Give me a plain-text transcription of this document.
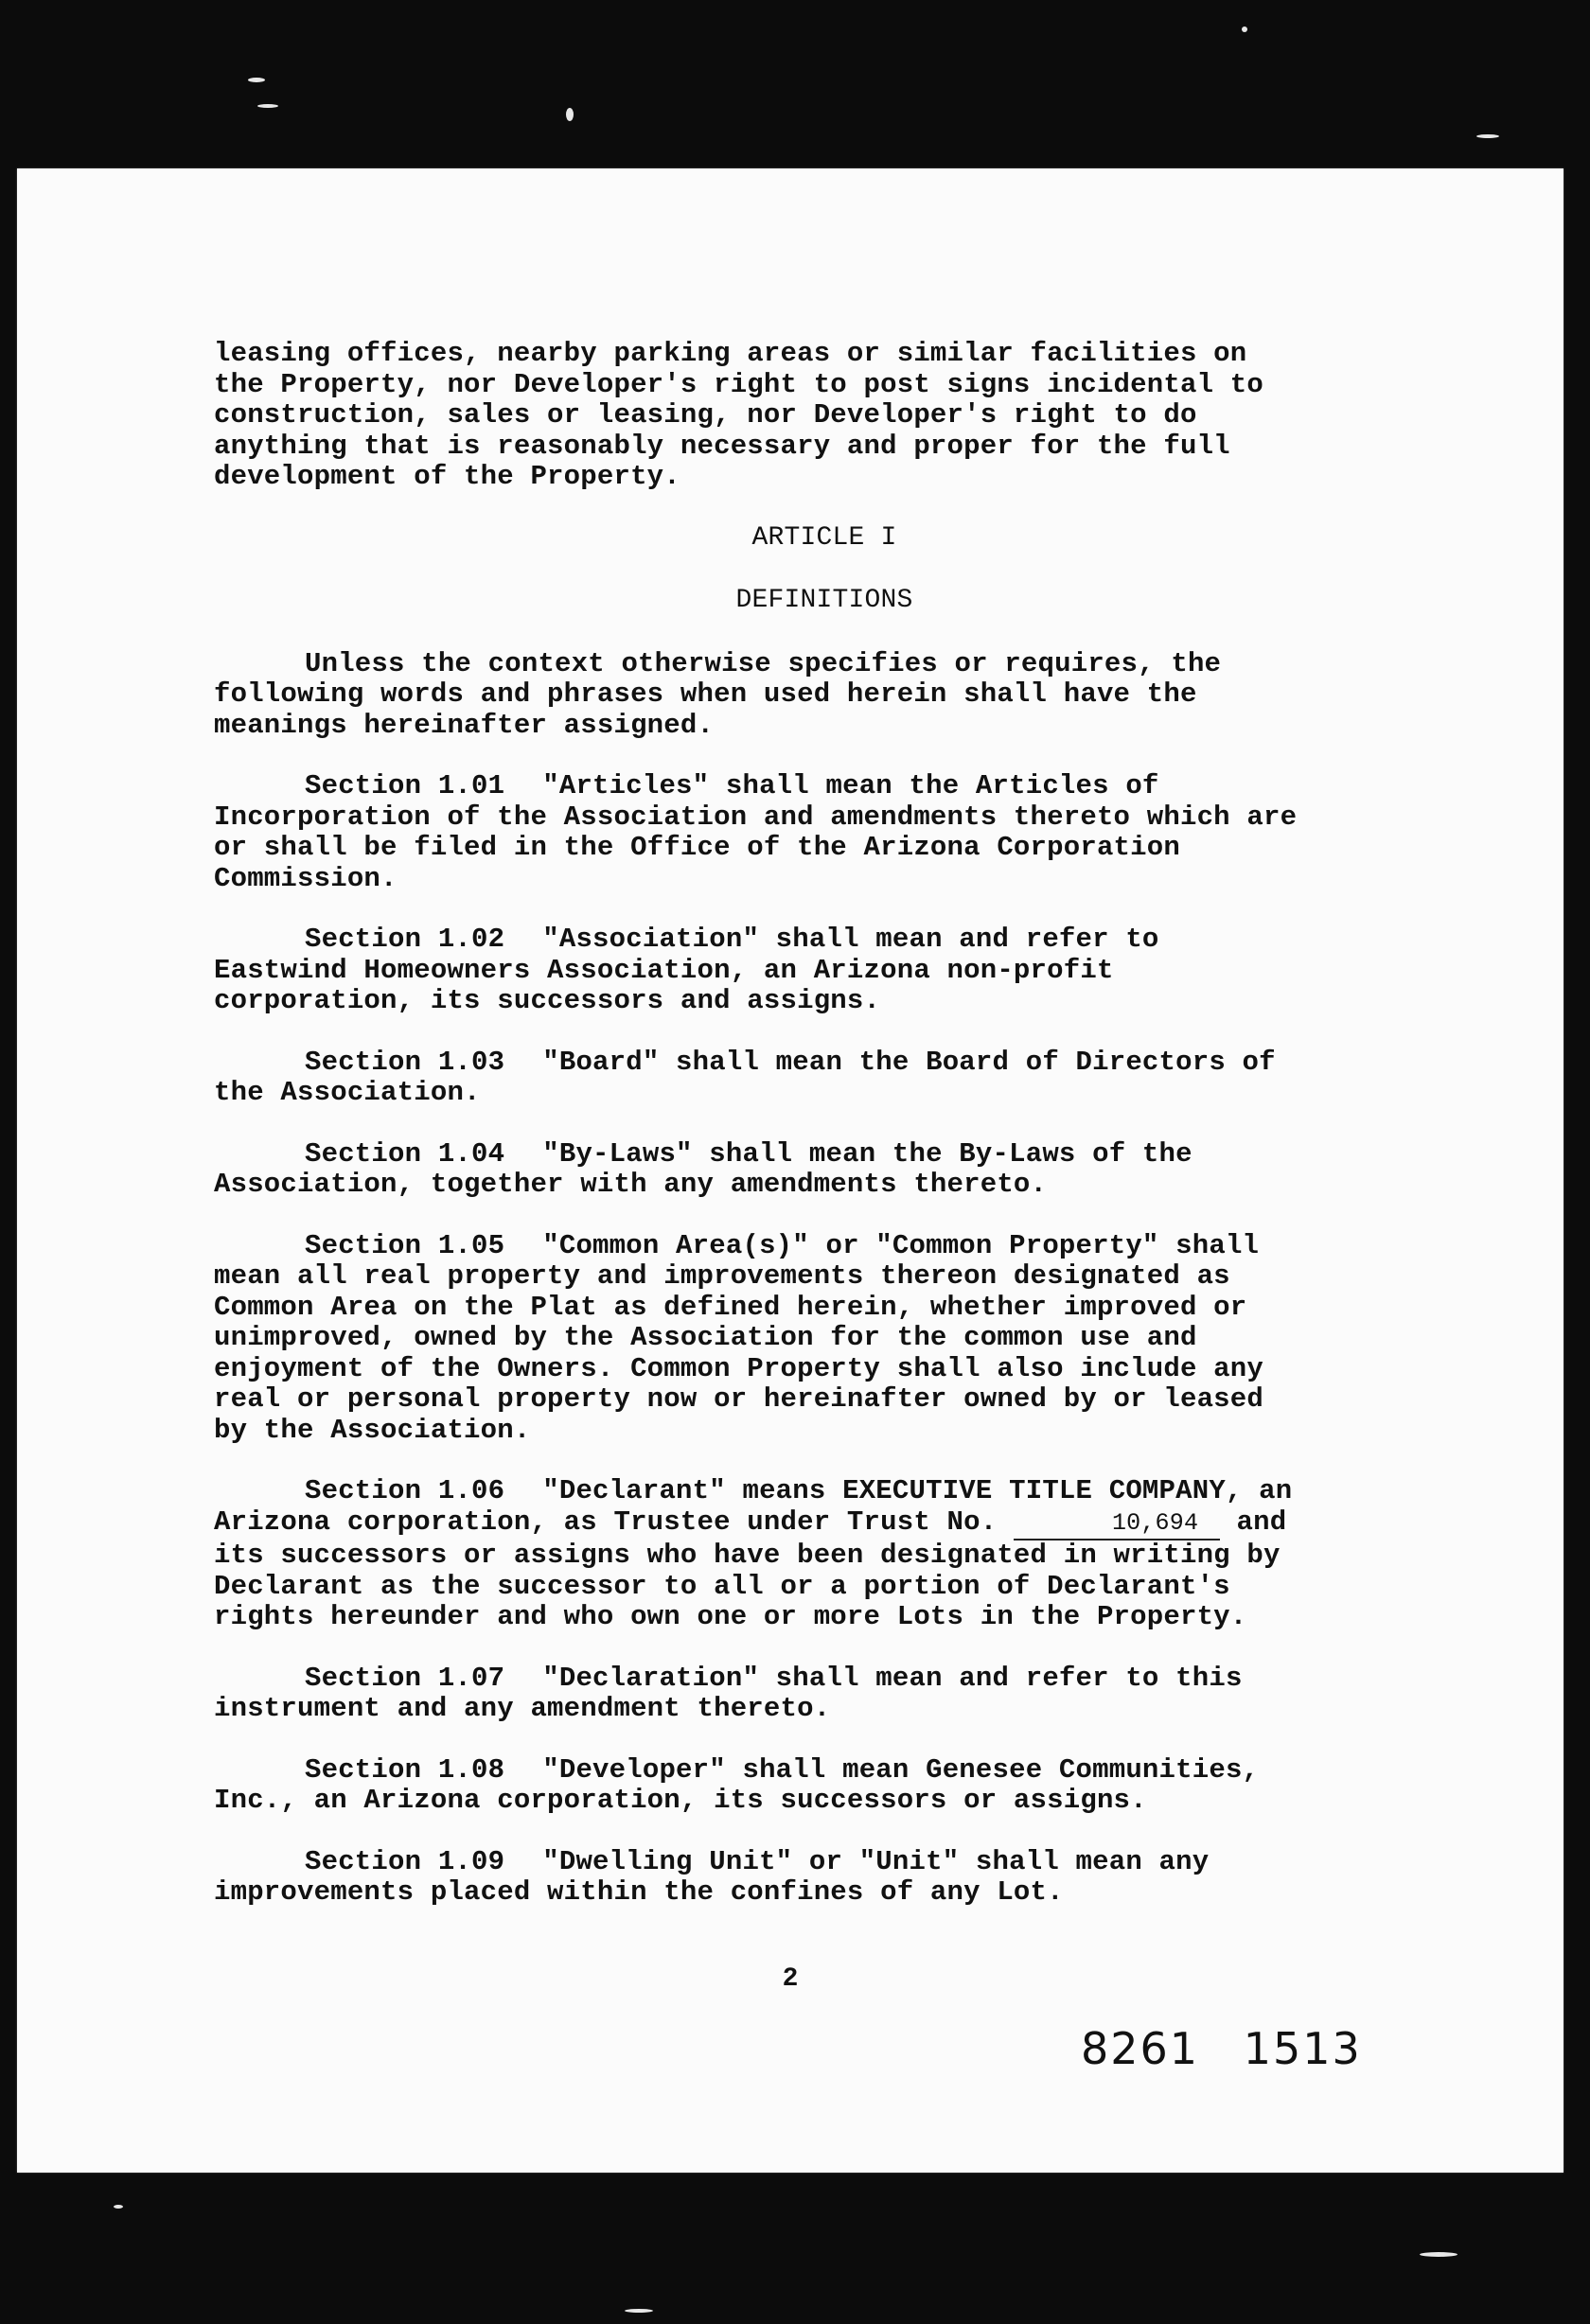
leasing offices, nearby parking areas or similar facilities on
the Property, nor Developer's right to post signs incidental to
construction, sales or leasing, nor Developer's right to do
anything that is reasonably necessary and proper for the full
development of the Property.

ARTICLE I

DEFINITIONS

Unless the context otherwise specifies or requires, the
following words and phrases when used herein shall have the
meanings hereinafter assigned.

Section 1.01 "Articles" shall mean the Articles of
Incorporation of the Association and amendments thereto which are
or shall be filed in the Office of the Arizona Corporation
Commission.

Section 1.02 "Association" shall mean and refer to
Eastwind Homeowners Association, an Arizona non-profit
corporation, its successors and assigns.

Section 1.03 "Board" shall mean the Board of Directors of
the Association.

Section 1.04 "By-Laws" shall mean the By-Laws of the
Association, together with any amendments thereto.

Section 1.05 "Common Area(s)" or "Common Property" shall
mean all real property and improvements thereon designated as
Common Area on the Plat as defined herein, whether improved or
unimproved, owned by the Association for the common use and
enjoyment of the Owners. Common Property shall also include any
real or personal property now or hereinafter owned by or leased
by the Association.

Section 1.06 "Declarant" means EXECUTIVE TITLE COMPANY, an
Arizona corporation, as Trustee under Trust No.	10,694 and
its successors or assigns who have been designated in writing by
Declarant as the successor to all or a portion of Declarant's
rights hereunder and who own one or more Lots in the Property.

Section 1.07 "Declaration" shall mean and refer to this
instrument and any amendment thereto.

Section 1.08 "Developer" shall mean Genesee Communities,
Inc., an Arizona corporation, its successors or assigns.

Section 1.09 "Dwelling Unit" or "Unit" shall mean any
improvements placed within the confines of any Lot.

2
8261 1513
